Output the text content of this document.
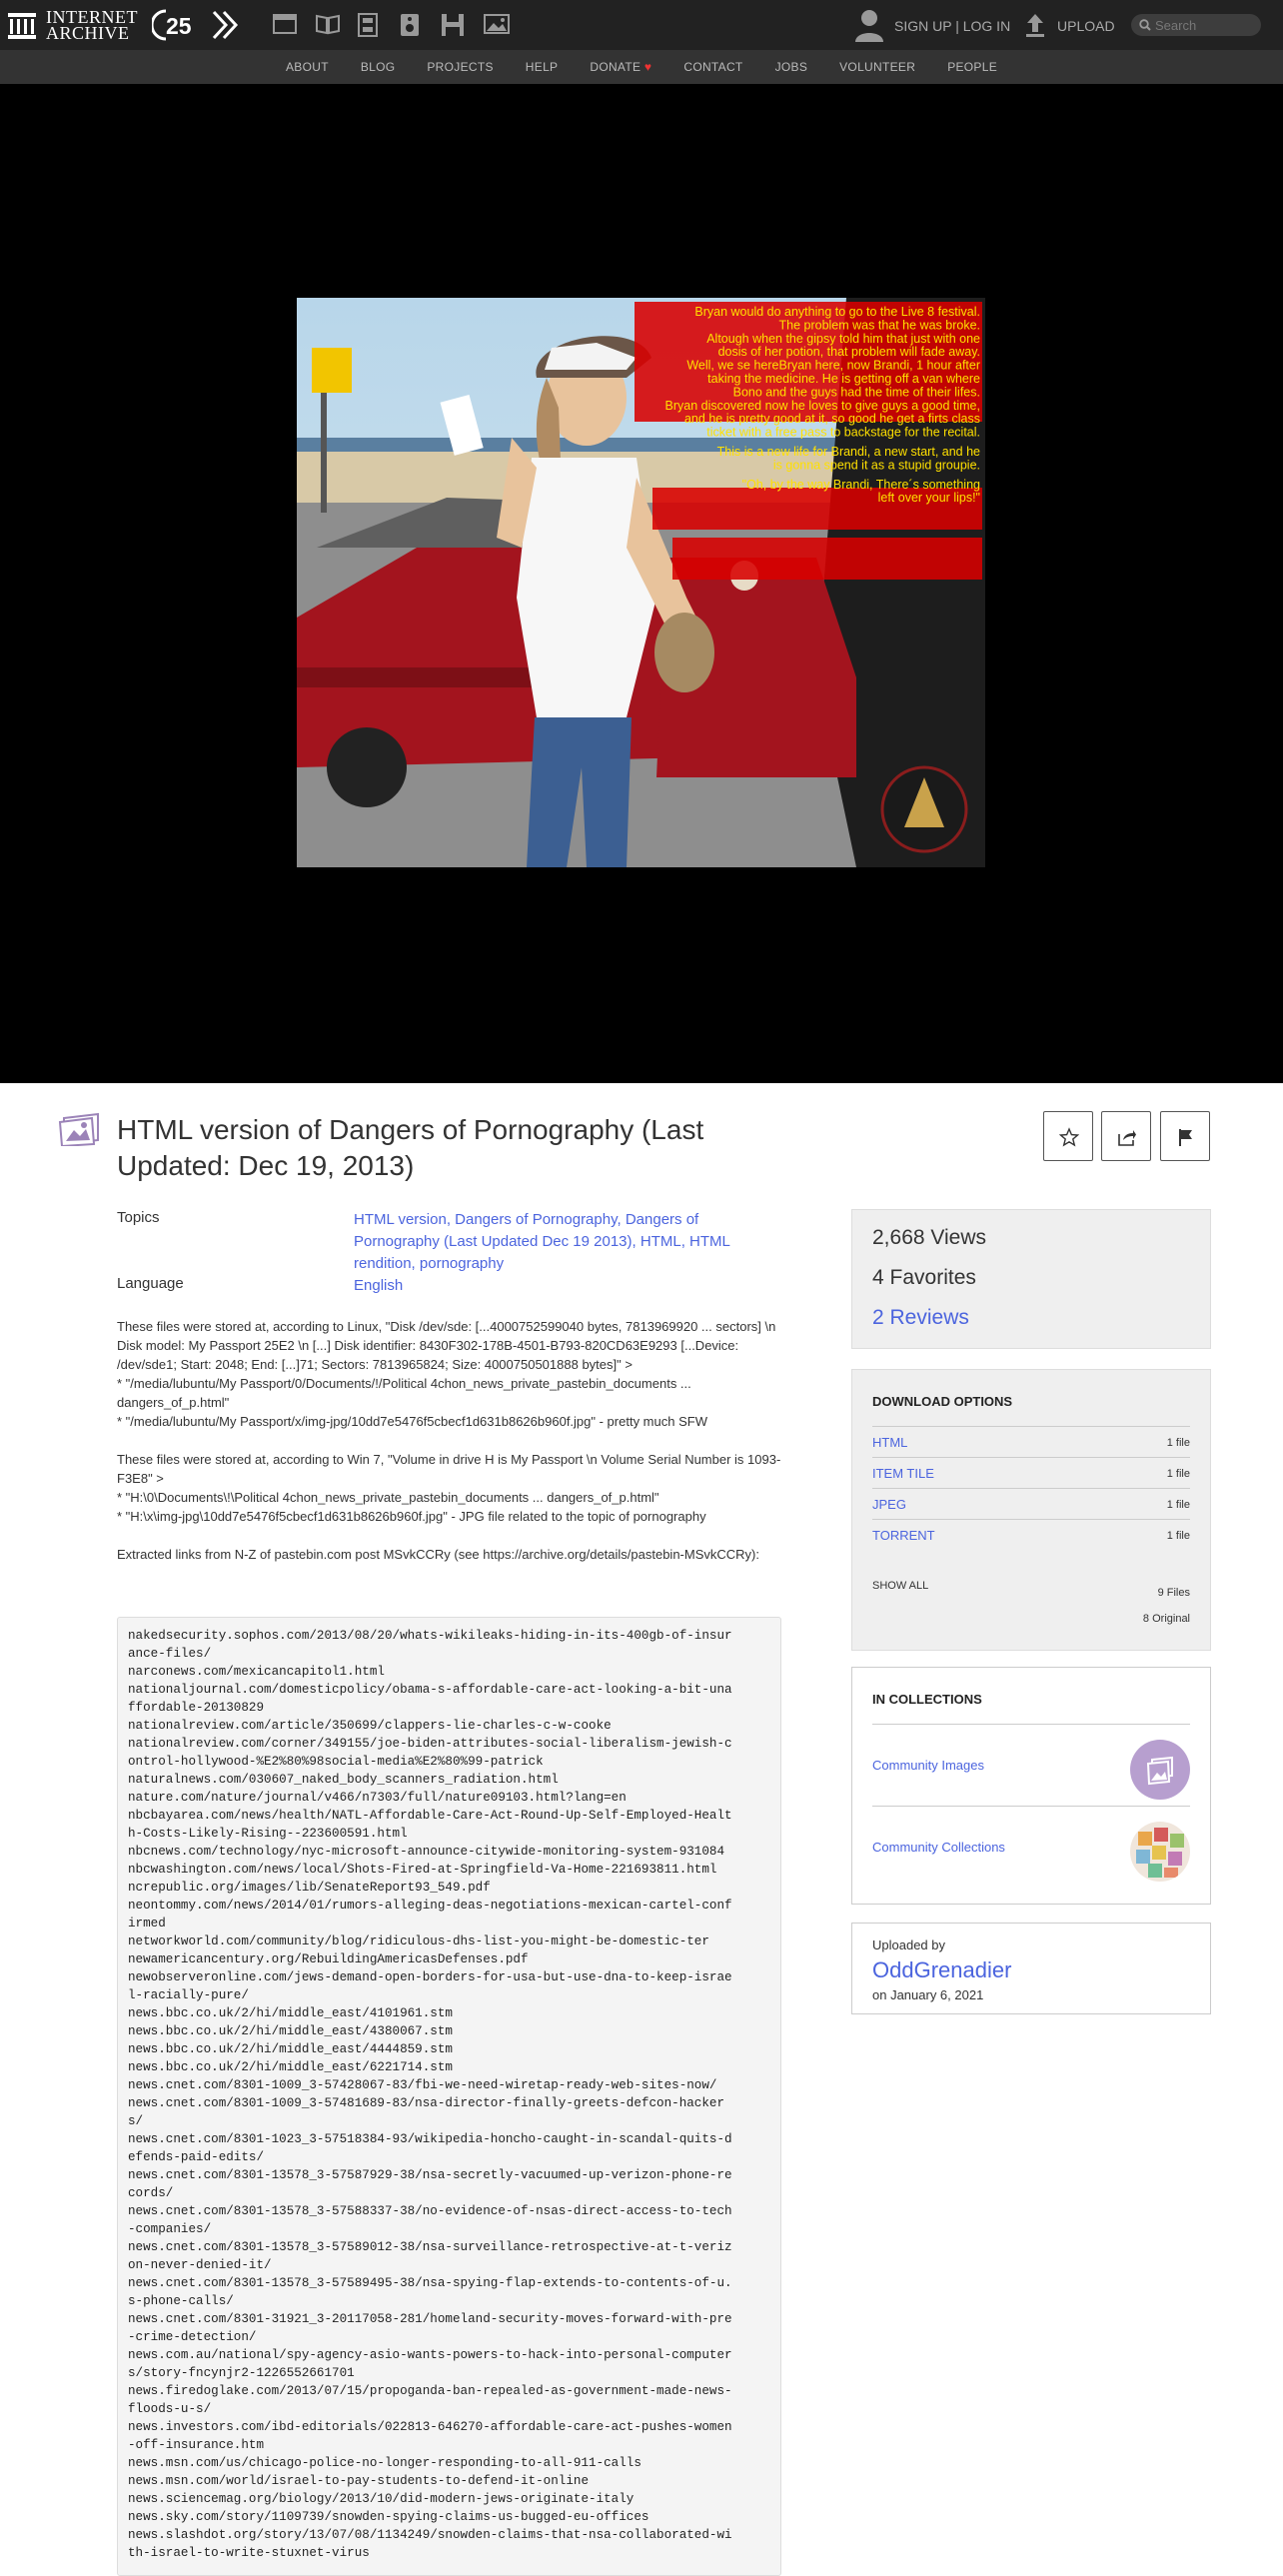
INTERNET
ARCHIVE	25	SIGN UP | LOG IN	UPLOAD
Search
ABOUT	BLOG	PROJECTS	HELP	DONATE ♥	CONTACT	JOBS	VOLUNTEER	PEOPLE
Bryan would do anything to go to the Live 8 festival.
The problem was that he was broke.
Altough when the gipsy told him that just with one
dosis of her potion, that problem will fade away.
Well, we se hereBryan here, now Brandi, 1 hour after
taking the medicine. He is getting off a van where
Bono and the guys had the time of their lifes.
Bryan discovered now he loves to give guys a good time,
and he is pretty good at it, so good he get a firts class
ticket with a free pass to backstage for the recital.
This is a new life for Brandi, a new start, and he
is gonna spend it as a stupid groupie.
"Oh, by the way Brandi, There´s something
left over your lips!"
HTML version of Dangers of Pornography (Last Updated: Dec 19, 2013)
Topics	HTML version, Dangers of Pornography, Dangers of Pornography (Last Updated Dec 19 2013), HTML, HTML rendition, pornography
Language	English

These files were stored at, according to Linux, "Disk /dev/sde: [...4000752599040 bytes, 7813969920 ... sectors] \n Disk model: My Passport 25E2 \n [...] Disk identifier: 8430F302-178B-4501-B793-820CD63E9293 [...Device: /dev/sde1; Start: 2048; End: [...]71; Sectors: 7813965824; Size: 4000750501888 bytes]" >
* "/media/lubuntu/My Passport/0/Documents/!/Political 4chon_news_private_pastebin_documents ... dangers_of_p.html"
* "/media/lubuntu/My Passport/x/img-jpg/10dd7e5476f5cbecf1d631b8626b960f.jpg" - pretty much SFW

These files were stored at, according to Win 7, "Volume in drive H is My Passport \n Volume Serial Number is 1093-F3E8" >
* "H:\0\Documents\!\Political 4chon_news_private_pastebin_documents ... dangers_of_p.html"
* "H:\x\img-jpg\10dd7e5476f5cbecf1d631b8626b960f.jpg" - JPG file related to the topic of pornography

Extracted links from N-Z of pastebin.com post MSvkCCRy (see https://archive.org/details/pastebin-MSvkCCRy):

nakedsecurity.sophos.com/2013/08/20/whats-wikileaks-hiding-in-its-400gb-of-insur
ance-files/
narconews.com/mexicancapitol1.html
nationaljournal.com/domesticpolicy/obama-s-affordable-care-act-looking-a-bit-una
ffordable-20130829
nationalreview.com/article/350699/clappers-lie-charles-c-w-cooke
nationalreview.com/corner/349155/joe-biden-attributes-social-liberalism-jewish-c
ontrol-hollywood-%E2%80%98social-media%E2%80%99-patrick
naturalnews.com/030607_naked_body_scanners_radiation.html
nature.com/nature/journal/v466/n7303/full/nature09103.html?lang=en
nbcbayarea.com/news/health/NATL-Affordable-Care-Act-Round-Up-Self-Employed-Healt
h-Costs-Likely-Rising--223600591.html
nbcnews.com/technology/nyc-microsoft-announce-citywide-monitoring-system-931084
nbcwashington.com/news/local/Shots-Fired-at-Springfield-Va-Home-221693811.html
ncrepublic.org/images/lib/SenateReport93_549.pdf
neontommy.com/news/2014/01/rumors-alleging-deas-negotiations-mexican-cartel-conf
irmed
networkworld.com/community/blog/ridiculous-dhs-list-you-might-be-domestic-ter
newamericancentury.org/RebuildingAmericasDefenses.pdf
newobserveronline.com/jews-demand-open-borders-for-usa-but-use-dna-to-keep-israe
l-racially-pure/
news.bbc.co.uk/2/hi/middle_east/4101961.stm
news.bbc.co.uk/2/hi/middle_east/4380067.stm
news.bbc.co.uk/2/hi/middle_east/4444859.stm
news.bbc.co.uk/2/hi/middle_east/6221714.stm
news.cnet.com/8301-1009_3-57428067-83/fbi-we-need-wiretap-ready-web-sites-now/
news.cnet.com/8301-1009_3-57481689-83/nsa-director-finally-greets-defcon-hacker
s/
news.cnet.com/8301-1023_3-57518384-93/wikipedia-honcho-caught-in-scandal-quits-d
efends-paid-edits/
news.cnet.com/8301-13578_3-57587929-38/nsa-secretly-vacuumed-up-verizon-phone-re
cords/
news.cnet.com/8301-13578_3-57588337-38/no-evidence-of-nsas-direct-access-to-tech
-companies/
news.cnet.com/8301-13578_3-57589012-38/nsa-surveillance-retrospective-at-t-veriz
on-never-denied-it/
news.cnet.com/8301-13578_3-57589495-38/nsa-spying-flap-extends-to-contents-of-u.
s-phone-calls/
news.cnet.com/8301-31921_3-20117058-281/homeland-security-moves-forward-with-pre
-crime-detection/
news.com.au/national/spy-agency-asio-wants-powers-to-hack-into-personal-computer
s/story-fncynjr2-1226552661701
news.firedoglake.com/2013/07/15/propoganda-ban-repealed-as-government-made-news-
floods-u-s/
news.investors.com/ibd-editorials/022813-646270-affordable-care-act-pushes-women
-off-insurance.htm
news.msn.com/us/chicago-police-no-longer-responding-to-all-911-calls
news.msn.com/world/israel-to-pay-students-to-defend-it-online
news.sciencemag.org/biology/2013/10/did-modern-jews-originate-italy
news.sky.com/story/1109739/snowden-spying-claims-us-bugged-eu-offices
news.slashdot.org/story/13/07/08/1134249/snowden-claims-that-nsa-collaborated-wi
th-israel-to-write-stuxnet-virus
2,668 Views
4 Favorites
2 Reviews
DOWNLOAD OPTIONS
HTML	1 file
ITEM TILE	1 file
JPEG	1 file
TORRENT	1 file
SHOW ALL
9 Files
8 Original
IN COLLECTIONS
Community Images
Community Collections
Uploaded by
OddGrenadier
on January 6, 2021
